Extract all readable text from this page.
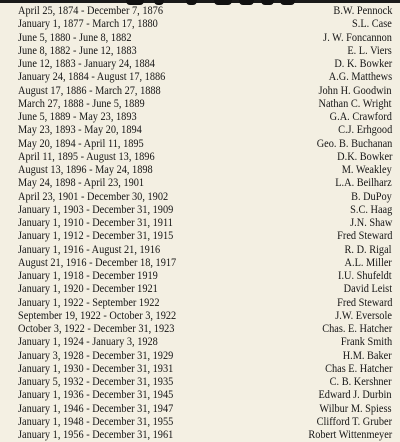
April 25, 1874 - December 7, 1876	B.W. Pennock
January 1, 1877 - March 17, 1880	S.L. Case
June 5, 1880 - June 8, 1882	J. W. Foncannon
June 8, 1882 - June 12, 1883	E. L. Viers
June 12, 1883 - January 24, 1884	D. K. Bowker
January 24, 1884 - August 17, 1886	A.G. Matthews
August 17, 1886 - March 27, 1888	John H. Goodwin
March 27, 1888 - June 5, 1889	Nathan C. Wright
June 5, 1889 - May 23, 1893	G.A. Crawford
May 23, 1893 - May 20, 1894	C.J. Erhgood
May 20, 1894 - April 11, 1895	Geo. B. Buchanan
April 11, 1895 - August 13, 1896	D.K. Bowker
August 13, 1896 - May 24, 1898	M. Weakley
May 24, 1898 - April 23, 1901	L.A. Beilharz
April 23, 1901 - December 30, 1902	B. DuPoy
January 1, 1903 - December 31, 1909	S.C. Haag
January 1, 1910 - December 31, 1911	J.N. Shaw
January 1, 1912 - December 31, 1915	Fred Steward
January 1, 1916 - August 21, 1916	R. D. Rigal
August 21, 1916 - December 18, 1917	A.L. Miller
January 1, 1918 - December 1919	I.U. Shufeldt
January 1, 1920 - December 1921	David Leist
January 1, 1922 - September 1922	Fred Steward
September 19, 1922 - October 3, 1922	J.W. Eversole
October 3, 1922 - December 31, 1923	Chas. E. Hatcher
January 1, 1924 - January 3, 1928	Frank Smith
January 3, 1928 - December 31, 1929	H.M. Baker
January 1, 1930 - December 31, 1931	Chas E. Hatcher
January 5, 1932 - December 31, 1935	C. B. Kershner
January 1, 1936 - December 31, 1945	Edward J. Durbin
January 1, 1946 - December 31, 1947	Wilbur M. Spiess
January 1, 1948 - December 31, 1955	Clifford T. Gruber
January 1, 1956 - December 31, 1961	Robert Wittenmeyer
